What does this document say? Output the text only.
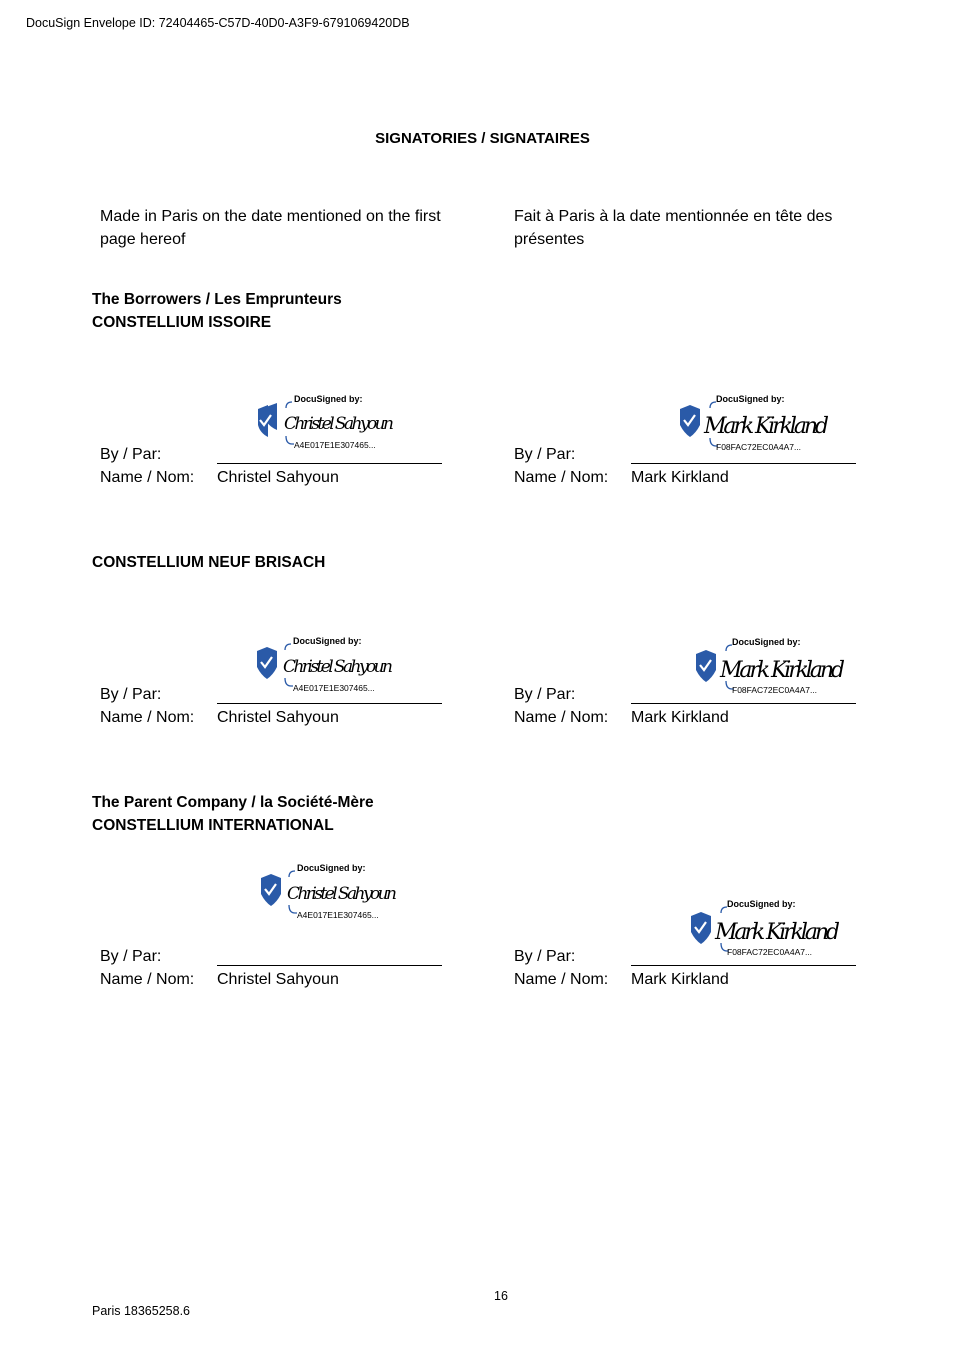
DocuSign Envelope ID: 72404465-C57D-40D0-A3F9-6791069420DB
SIGNATORIES / SIGNATAIRES
Made in Paris on the date mentioned on the first page hereof
Fait à Paris à la date mentionnée en tête des présentes
The Borrowers / Les Emprunteurs
CONSTELLIUM ISSOIRE
DocuSigned by:
Christel Sahyoun
A4E017E1E307465...
By / Par:
Name / Nom: Christel Sahyoun
DocuSigned by:
Mark Kirkland
F08FAC72EC0A4A7...
By / Par:
Name / Nom: Mark Kirkland
CONSTELLIUM NEUF BRISACH
DocuSigned by:
Christel Sahyoun
A4E017E1E307465...
By / Par:
Name / Nom: Christel Sahyoun
DocuSigned by:
Mark Kirkland
F08FAC72EC0A4A7...
By / Par:
Name / Nom: Mark Kirkland
The Parent Company / la Société-Mère
CONSTELLIUM INTERNATIONAL
DocuSigned by:
Christel Sahyoun
A4E017E1E307465...
By / Par:
Name / Nom: Christel Sahyoun
DocuSigned by:
Mark Kirkland
F08FAC72EC0A4A7...
By / Par:
Name / Nom: Mark Kirkland
16
Paris 18365258.6
